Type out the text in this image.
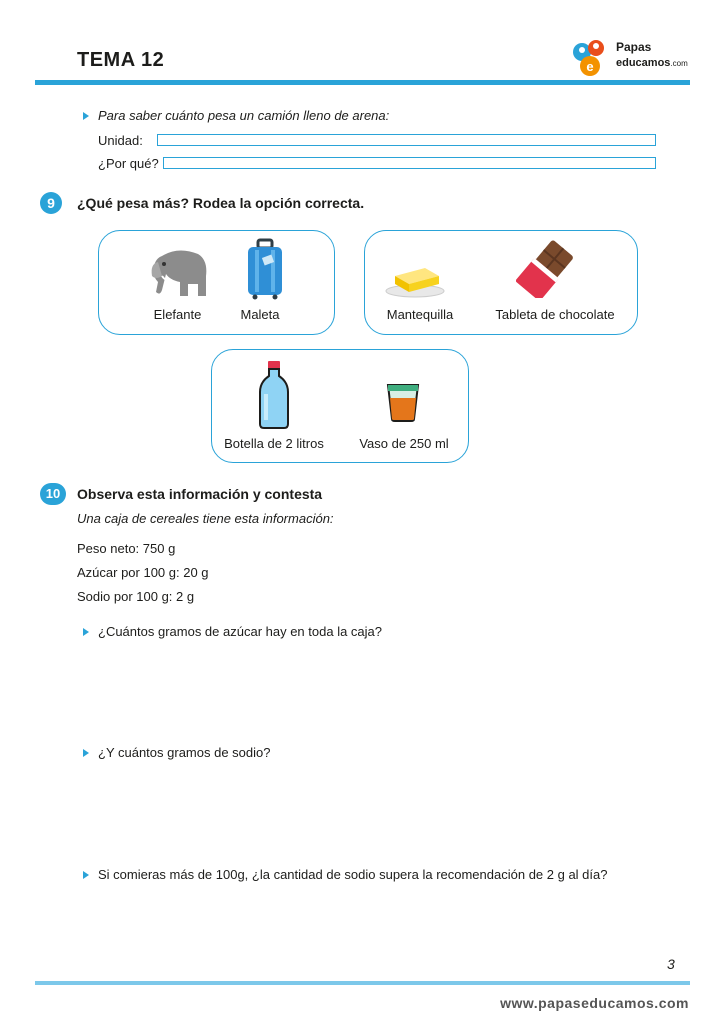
TEMA 12	e
Papas
educamos.com
Para saber cuánto pesa un camión lleno de arena:
Unidad:
¿Por qué?
9	¿Qué pesa más? Rodea la opción correcta.
Elefante	Maleta	Mantequilla	Tableta de chocolate
Botella de 2 litros	Vaso de 250 ml
10	Observa esta información y contesta
Una caja de cereales tiene esta información:
Peso neto: 750 g
Azúcar por 100 g: 20 g
Sodio por 100 g: 2 g
¿Cuántos gramos de azúcar hay en toda la caja?
¿Y cuántos gramos de sodio?
Si comieras más de 100g, ¿la cantidad de sodio supera la recomendación de 2 g al día?
3
www.papaseducamos.com
